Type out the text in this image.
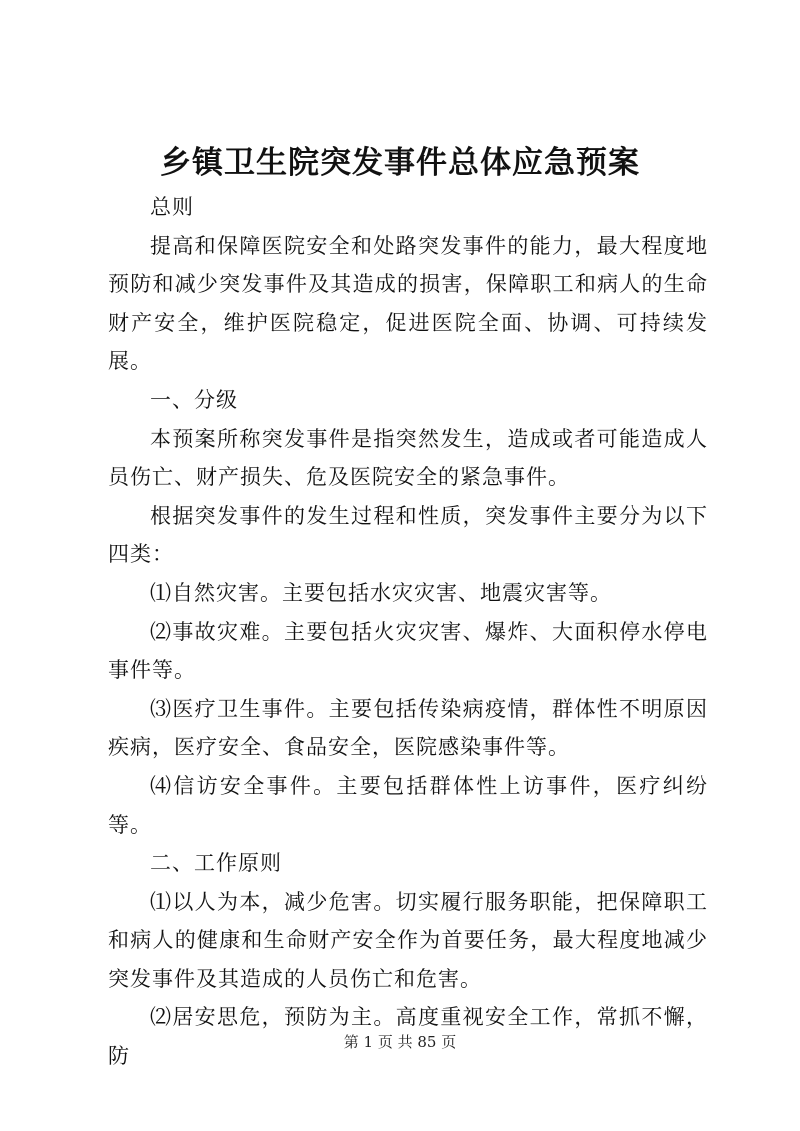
乡镇卫生院突发事件总体应急预案

总则

提高和保障医院安全和处路突发事件的能力，最大程度地预防和减少突发事件及其造成的损害，保障职工和病人的生命财产安全，维护医院稳定，促进医院全面、协调、可持续发展。

一、分级

本预案所称突发事件是指突然发生，造成或者可能造成人员伤亡、财产损失、危及医院安全的紧急事件。

根据突发事件的发生过程和性质，突发事件主要分为以下四类：

⑴自然灾害。主要包括水灾灾害、地震灾害等。

⑵事故灾难。主要包括火灾灾害、爆炸、大面积停水停电事件等。

⑶医疗卫生事件。主要包括传染病疫情，群体性不明原因疾病，医疗安全、食品安全，医院感染事件等。

⑷信访安全事件。主要包括群体性上访事件，医疗纠纷等。

二、工作原则

⑴以人为本，减少危害。切实履行服务职能，把保障职工和病人的健康和生命财产安全作为首要任务，最大程度地减少突发事件及其造成的人员伤亡和危害。

⑵居安思危，预防为主。高度重视安全工作，常抓不懈，防

第 1 页 共 85 页
